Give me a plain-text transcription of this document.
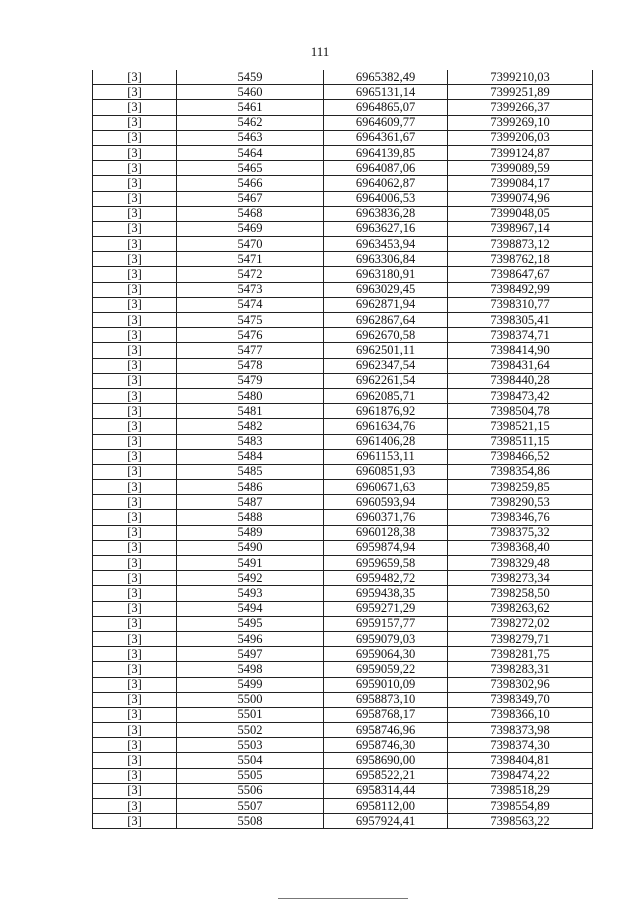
111
[3]	5459	6965382,49	7399210,03
[3]	5460	6965131,14	7399251,89
[3]	5461	6964865,07	7399266,37
[3]	5462	6964609,77	7399269,10
[3]	5463	6964361,67	7399206,03
[3]	5464	6964139,85	7399124,87
[3]	5465	6964087,06	7399089,59
[3]	5466	6964062,87	7399084,17
[3]	5467	6964006,53	7399074,96
[3]	5468	6963836,28	7399048,05
[3]	5469	6963627,16	7398967,14
[3]	5470	6963453,94	7398873,12
[3]	5471	6963306,84	7398762,18
[3]	5472	6963180,91	7398647,67
[3]	5473	6963029,45	7398492,99
[3]	5474	6962871,94	7398310,77
[3]	5475	6962867,64	7398305,41
[3]	5476	6962670,58	7398374,71
[3]	5477	6962501,11	7398414,90
[3]	5478	6962347,54	7398431,64
[3]	5479	6962261,54	7398440,28
[3]	5480	6962085,71	7398473,42
[3]	5481	6961876,92	7398504,78
[3]	5482	6961634,76	7398521,15
[3]	5483	6961406,28	7398511,15
[3]	5484	6961153,11	7398466,52
[3]	5485	6960851,93	7398354,86
[3]	5486	6960671,63	7398259,85
[3]	5487	6960593,94	7398290,53
[3]	5488	6960371,76	7398346,76
[3]	5489	6960128,38	7398375,32
[3]	5490	6959874,94	7398368,40
[3]	5491	6959659,58	7398329,48
[3]	5492	6959482,72	7398273,34
[3]	5493	6959438,35	7398258,50
[3]	5494	6959271,29	7398263,62
[3]	5495	6959157,77	7398272,02
[3]	5496	6959079,03	7398279,71
[3]	5497	6959064,30	7398281,75
[3]	5498	6959059,22	7398283,31
[3]	5499	6959010,09	7398302,96
[3]	5500	6958873,10	7398349,70
[3]	5501	6958768,17	7398366,10
[3]	5502	6958746,96	7398373,98
[3]	5503	6958746,30	7398374,30
[3]	5504	6958690,00	7398404,81
[3]	5505	6958522,21	7398474,22
[3]	5506	6958314,44	7398518,29
[3]	5507	6958112,00	7398554,89
[3]	5508	6957924,41	7398563,22
